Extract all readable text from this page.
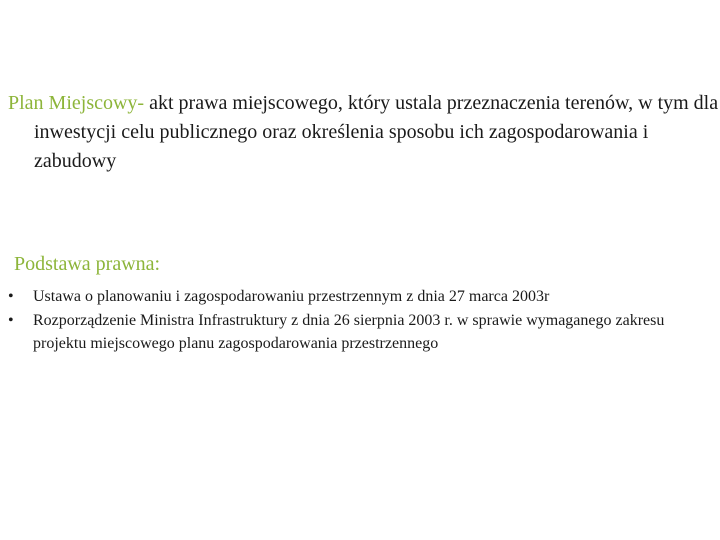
Plan Miejscowy- akt prawa miejscowego, który ustala przeznaczenia terenów, w tym dla inwestycji celu publicznego oraz określenia sposobu ich zagospodarowania i zabudowy

Podstawa prawna:
•	Ustawa o planowaniu i zagospodarowaniu przestrzennym z dnia 27 marca 2003r
•	Rozporządzenie Ministra Infrastruktury z dnia 26 sierpnia 2003 r. w sprawie wymaganego zakresu projektu miejscowego planu zagospodarowania przestrzennego
